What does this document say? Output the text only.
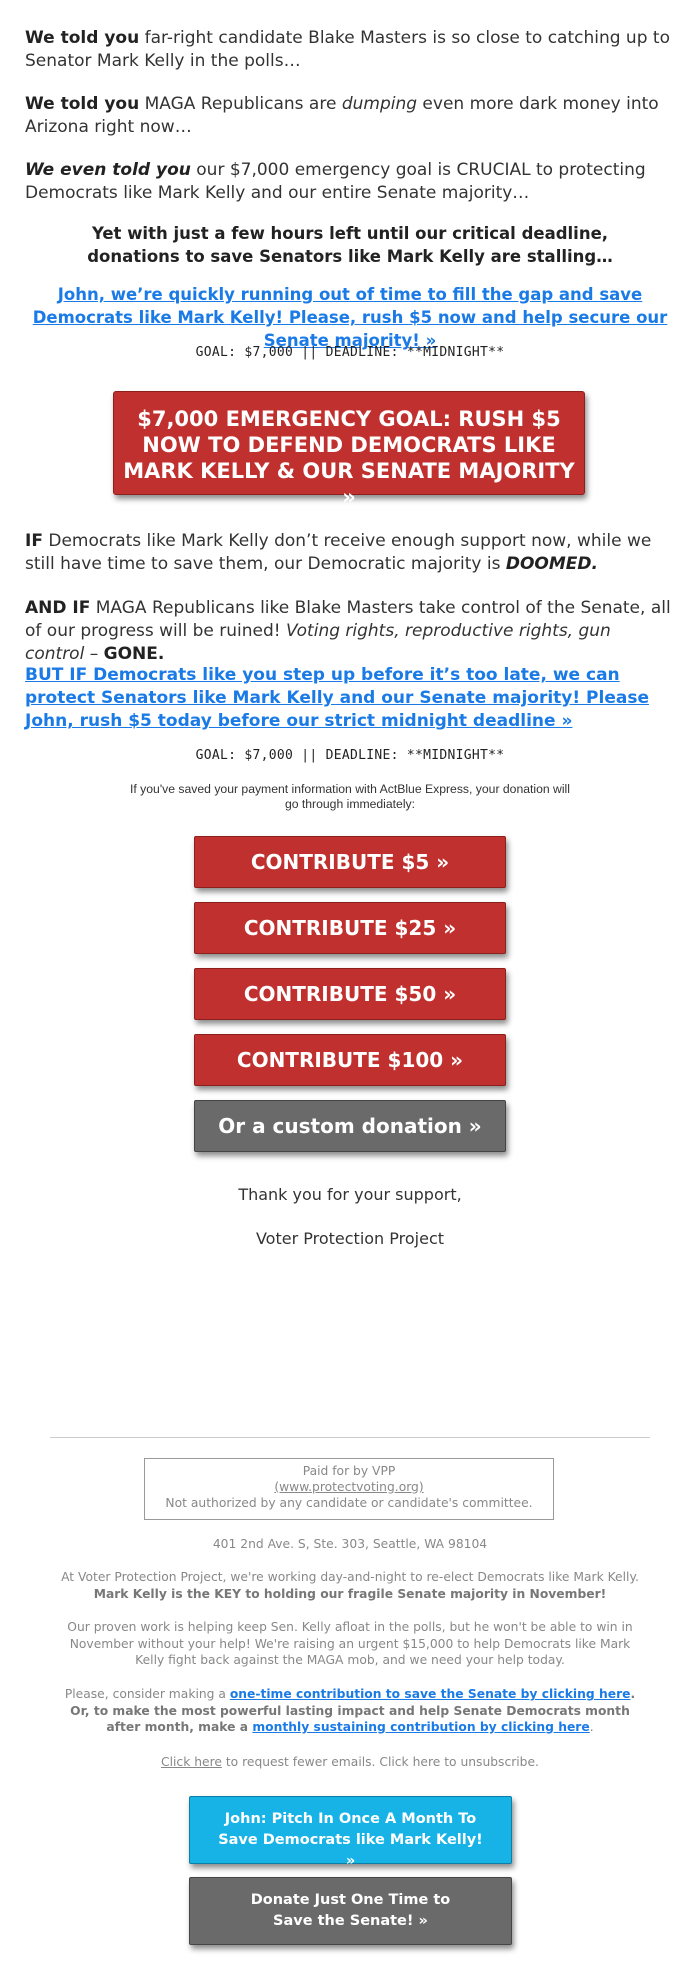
We told you far-right candidate Blake Masters is so close to catching up to Senator Mark Kelly in the polls…

We told you MAGA Republicans are dumping even more dark money into Arizona right now…

We even told you our $7,000 emergency goal is CRUCIAL to protecting Democrats like Mark Kelly and our entire Senate majority…

Yet with just a few hours left until our critical deadline, donations to save Senators like Mark Kelly are stalling…

John, we’re quickly running out of time to fill the gap and save Democrats like Mark Kelly! Please, rush $5 now and help secure our Senate majority! »

GOAL: $7,000 || DEADLINE: **MIDNIGHT**
$7,000 EMERGENCY GOAL: RUSH $5 NOW TO DEFEND DEMOCRATS LIKE MARK KELLY & OUR SENATE MAJORITY »

IF Democrats like Mark Kelly don’t receive enough support now, while we still have time to save them, our Democratic majority is DOOMED.

AND IF MAGA Republicans like Blake Masters take control of the Senate, all of our progress will be ruined! Voting rights, reproductive rights, gun control – GONE.

BUT IF Democrats like you step up before it’s too late, we can protect Senators like Mark Kelly and our Senate majority! Please John, rush $5 today before our strict midnight deadline »

GOAL: $7,000 || DEADLINE: **MIDNIGHT**

If you've saved your payment information with ActBlue Express, your donation will go through immediately:

CONTRIBUTE $5 »
CONTRIBUTE $25 »
CONTRIBUTE $50 »
CONTRIBUTE $100 »
Or a custom donation »

Thank you for your support,

Voter Protection Project

Paid for by VPP
(www.protectvoting.org)
Not authorized by any candidate or candidate's committee.
401 2nd Ave. S, Ste. 303, Seattle, WA 98104
At Voter Protection Project, we're working day-and-night to re-elect Democrats like Mark Kelly.
Mark Kelly is the KEY to holding our fragile Senate majority in November!
Our proven work is helping keep Sen. Kelly afloat in the polls, but he won't be able to win in November without your help! We're raising an urgent $15,000 to help Democrats like Mark Kelly fight back against the MAGA mob, and we need your help today.
Please, consider making a one-time contribution to save the Senate by clicking here. Or, to make the most powerful lasting impact and help Senate Democrats month after month, make a monthly sustaining contribution by clicking here.
Click here to request fewer emails. Click here to unsubscribe.
John: Pitch In Once A Month To Save Democrats like Mark Kelly! »
Donate Just One Time to Save the Senate! »
